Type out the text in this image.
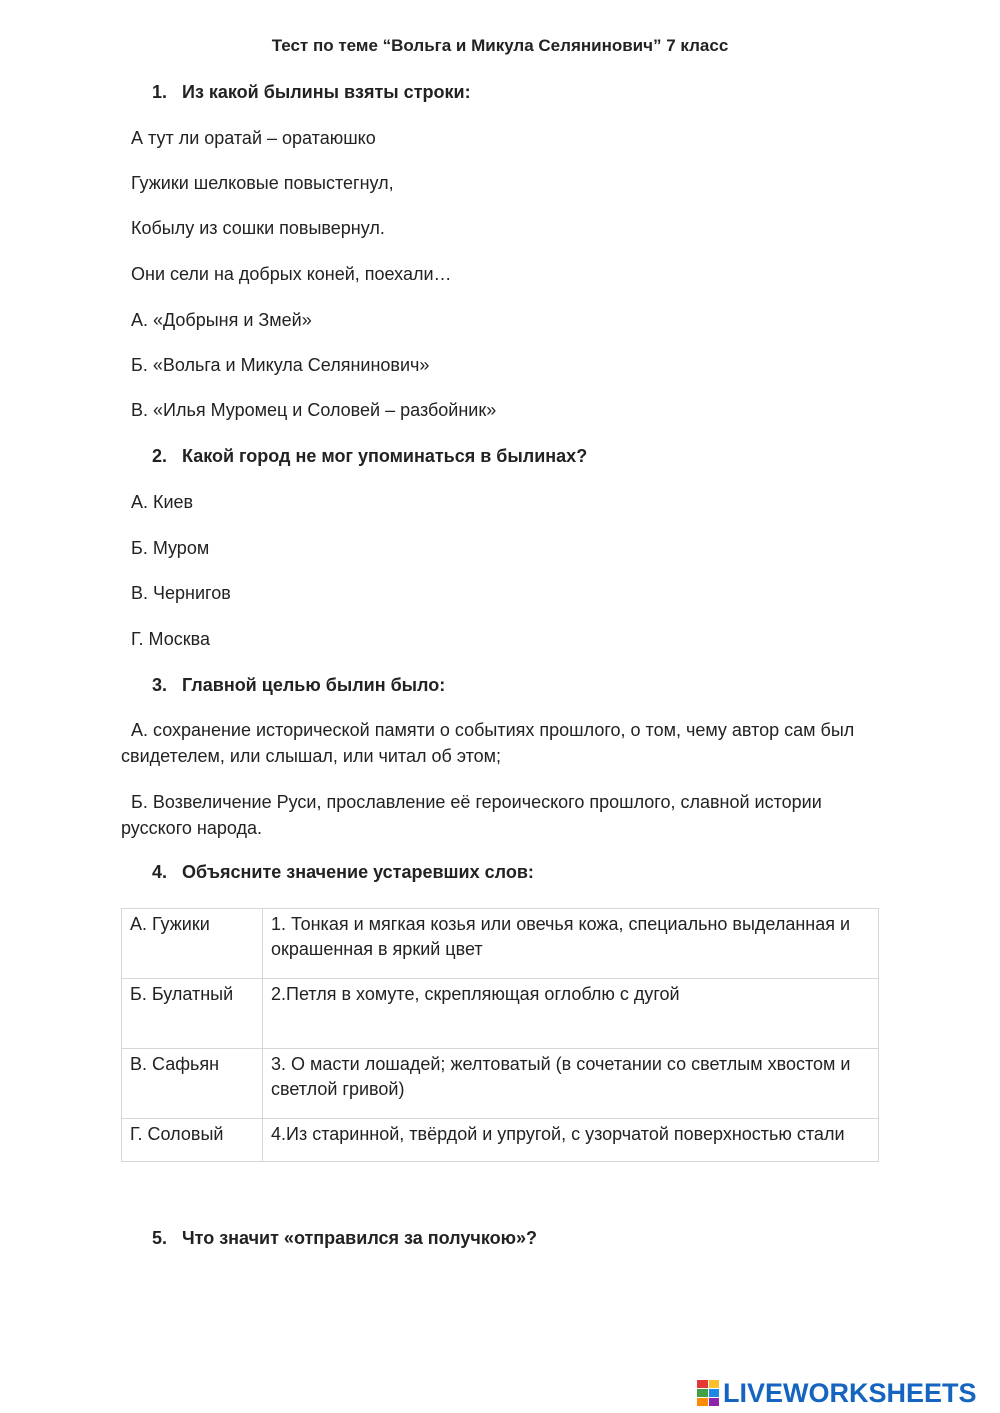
Тест по теме “Вольга и Микула Селянинович” 7 класс
1. Из какой былины взяты строки:
А тут ли оратай – оратаюшко
Гужики шелковые повыстегнул,
Кобылу из сошки повывернул.
Они сели на добрых коней, поехали…
А. «Добрыня и Змей»
Б. «Вольга и Микула Селянинович»
В. «Илья Муромец и Соловей – разбойник»
2. Какой город не мог упоминаться в былинах?
А. Киев
Б. Муром
В. Чернигов
Г. Москва
3. Главной целью былин было:
А. сохранение исторической памяти о событиях прошлого, о том, чему автор сам был свидетелем, или слышал, или читал об этом;
Б. Возвеличение Руси, прославление её героического прошлого, славной истории русского народа.
4. Объясните значение устаревших слов:
А. Гужики	1. Тонкая и мягкая козья или овечья кожа, специально выделанная и окрашенная в яркий цвет
Б. Булатный	2.Петля в хомуте, скрепляющая оглоблю с дугой
В. Сафьян	3. О масти лошадей; желтоватый (в сочетании со светлым хвостом и светлой гривой)
Г. Соловый	4.Из старинной, твёрдой и упругой, с узорчатой поверхностью стали
5. Что значит «отправился за получкою»?
LIVEWORKSHEETS
